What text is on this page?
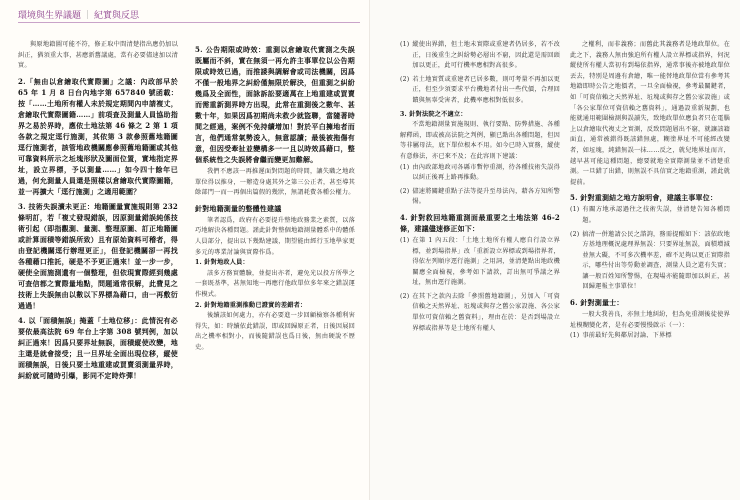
環境與生界議題 ｜ 紀實與反思

與原地籍圖可能不符，修正取中間清楚指出應仍加以糾正，猶須重大事，甚應新舊議處，當有必要儘速加以清實。

2.「無由以倉繪取代實際圖」之議：內政部早於 65 年 1 月 8 日台內地字第 657840 號函載：按「……土地所有權人未於規定期間內申請複丈，倉繪取代實際圖籍……」前項查及測量人員協助指界之易於界時，應依土地法第 46 條之 2 第 1 項各款之規定逕行施測，其依第 3 款參照舊地籍圖逕行施測者，該管地政機關應參照舊地籍圖或其他可靠資料所示之坵塊形狀及圖面位置，實地指定界址，設立界標，予以測量……」如今四十餘年已過，何允測量人員還是照樣以倉繪取代實際圖籍，並一再擴大「逕行施測」之適用範圍？

3. 技術失誤瀆未更正：地籍圖量實施規則第 232 條明訂，若「複丈發現錯誤，因原測量錯誤純係技術引起（即指觀測、量測、整理原圖、訂正地籍圖或計算面積等錯誤所致）且有原始資料可稽者，得由登記機關逕行辦理更正」，但登記機關卻一再找各種藉口推託，硬是不予更正過來！並一步一步，硬使全面施測遺有一個整理，但依現實際經到幾處可查信都之實際量地點，問題通常很解，此費見之技術上失誤無由以數以下界標為藉口，由一再敷衍過過！

4. 以「面積無誤」掩蓋「土地位移」：此情況有必要依最高法院 69 年台上字第 308 號判例，加以糾正過來！因爲只要界址無誤，面積縱使改變，地主還是就會接受；且一旦界址全面出現位移，縱使面積無誤，日後只要土地重建或買賣須測量界時，糾紛就可隨時引爆，影同不定時炸彈！

5. 公告期限或時效：重測以倉繪取代實測之失誤既屬而不斜，實在無須一再允許主事單位以公告期限或時效已過，而推諉與調解會或司法機關，因爲不僅一般地界之糾紛僅無限於解決，但重測之糾紛幾爲及全面性，面詠訴訟要適萬在上地重建或買賣而需重新測界時方出現，此常在重測後之數年、甚數十年，如果因爲初期尚未救少就盜聯，當隨著時間之經過，案例不免持續增加！對於平白擁地者而言，他們通常氣勢浚入，無意認讀；最後被拖傷有意，但因受牽扯並變構多一一且以時效爲藉口，整個系統性之失誤將會繼而變更加難解。

我們不應該一再推遲面對問題的時間，讓失職之地政單位得以推身，一辦造身處其外之第三公正者，甚至導其餘部門一而一再個出篇假的幾狀，無謂耗費各種公權力。

針對地籍測量的整體性建議

筆者認爲，政府有必要提升整地政務業之素質，以落巧地解決各種問題。謹此針對整個地籍測量體系中的體係人員部分，提出以下幾點建議，期望能由經行玉地學家更多元的專業討論與實際作爲。

1. 針對地政人員：

該多方務實體驗，並提出亦者，避免光以投方所學之一套既基準，甚無知地一再應行他政單位多年來之錯誤運作模式。

2. 針對地籍重測推動已證實的差錯者：

後續該如何處力，亦有必要進一步回顧檢察各種利害得失，如：時續依此錯誤，即或回歸原正者，日後因展回出之機率相對小，而後隨錯誤也爲日後，無由硬說不歷史。

(1) 縱使出界錯，但土地未實際或重建者仍居多，若不改正，日後重生之糾紛勢必層出不窮，因此還是需回頭加以更正，此可行機率應相對高很多。
(2) 若土地實質或重建者已居多數，則可考量不再加以更正，但至少須要求平台機地者付出一些代價，合理回饋與無辜受害者，此機率應相對低很多。

3. 針對法院之不適立：

不當地籍測量實施規則、執行要點、防弊措施、各種解釋函，即或被高法院之判例，顯已點出各種問題，但因等非屬母法，底下單位根本不用。如今已時入實務，縱使有意修法，亦已來不及；在此容則下建議：

(1) 由內政部地政司各縣市暫停重測，待各種技術失誤得以糾正後再上路再推動。
(2) 儘速將關鍵重點子法等提升至母法內，藉各方知所警惕。

4. 針對救回地籍重測面最重要之土地法第 46-2 條，建議儘速修正如下：

(1) 在第 1 內五段：「土地土地所有權人應自行設立界標，並到場指界」改「重新設立界標或到場指界者，得依左列順序逕行施測」之用詞，並清楚點出地政機關應全面檢視，參考如下請款，訂出無可爭議之界址，無由逕行施測。
(2) 在其下之款內去除「參照舊地籍圖」，另加入「可資信賴之天然界址、坵塊或與存之舊公家設施、各公家單位可資信賴之舊資料」，理由在於：是否到場設立界標或指界等是土地所有權人

之權利，而非義務；而舊此其義務者是地政單位。在此之下，義務人無由強迫所有權人設立界標或指界，何況縱使所有權人當初有到場依指界，通常事後亦被地政單位丟去，特別是周邊有倉繪，唯一能替地政單位當有參考其地籍即時公告之地價者，一旦全面檢視，參考最關鍵者，如「可資信賴之天然界址、坵塊或與存之舊公家設施」或「各公家單位可資信賴之舊資料」，通過設重新規劃，也能就通用範圍檢測與誤讀失，致地政單位應負者只在電腦上以倉繪取代複丈之實測，反致問題層出不窮，就讓該籍面直，通常被錯得既該錯無處，糊塗界址不可能經改變者，如坵塊，純錯無誤一抹……反之，就兒地界址而言，越早甚可能這種問題，總要就地全實際測量並不清楚重測。一旦錯了出錯，則無誤不具信實之地籍重測，謹此就提前。

5. 針對重測結之地方說明會，建議主事單位：

(1) 有關方地承認過往之技術失誤，並清楚告知各種問題。
(2) 搞清一併邀請公民之諮詢，務需提醒如下：該依政地方基地理概況處理界無誤：只要界址無誤，面積增減並無大礙，不可多次機率差，確不足夠以更正實際指示，哪些付出等勞動並調查，測量人員之還有失實；讓一般百姓知所警惕，在現場亦能隨即加以糾正，甚回歸運報主事單位！

6. 針對測量士：

一般大我善良，亦無土地糾紛，但為免重測後徒使界址模糊變化者，是有必要慢慢啟示（一）：

(1) 事前最好先與鄰居討論、下界標
